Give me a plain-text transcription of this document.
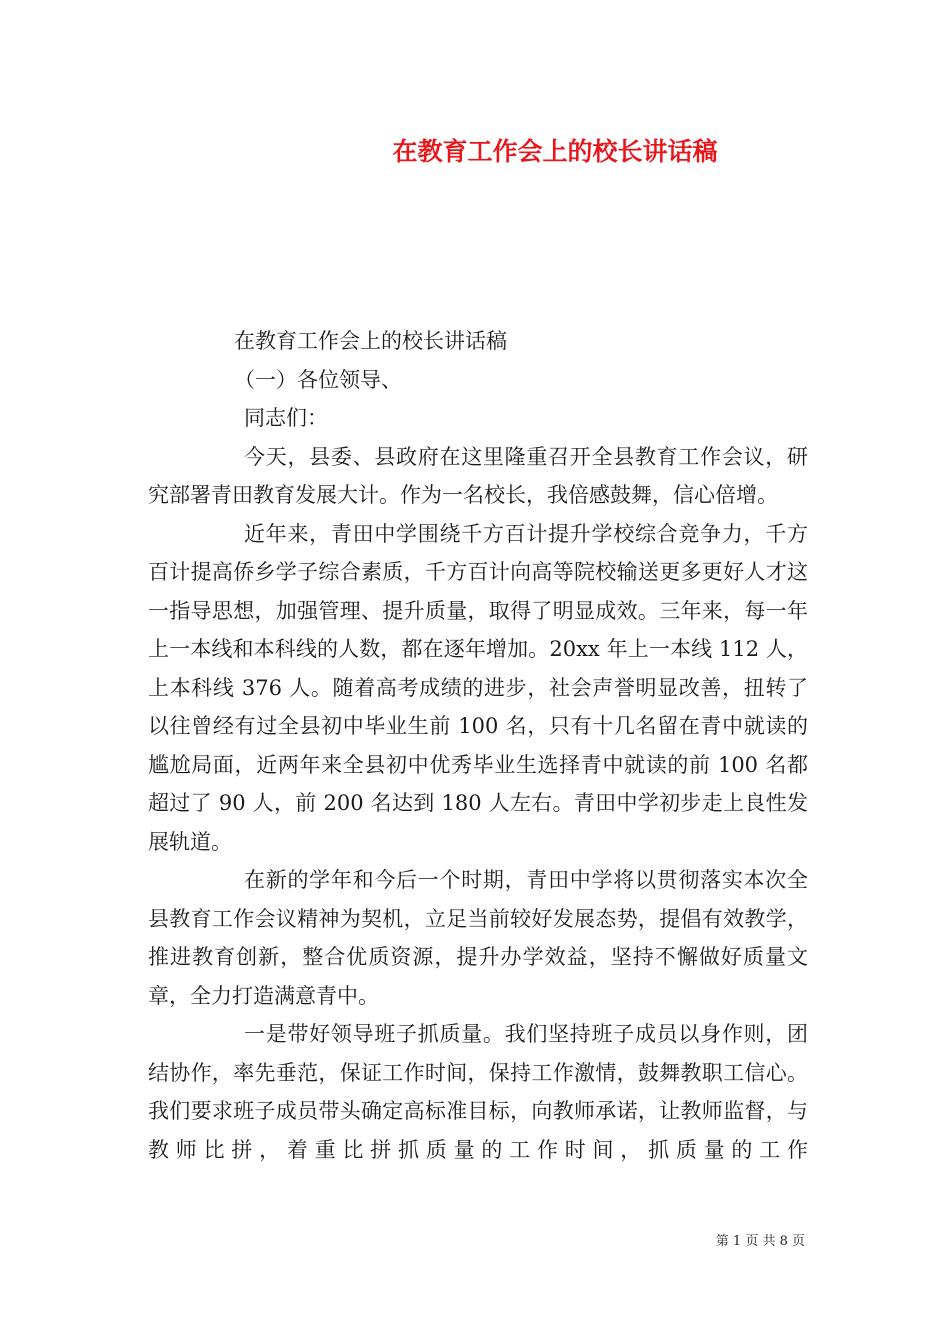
在教育工作会上的校长讲话稿

在教育工作会上的校长讲话稿

（一）各位领导、

同志们：

今天，县委、县政府在这里隆重召开全县教育工作会议，研究部署青田教育发展大计。作为一名校长，我倍感鼓舞，信心倍增。

近年来，青田中学围绕千方百计提升学校综合竞争力，千方百计提高侨乡学子综合素质，千方百计向高等院校输送更多更好人才这一指导思想，加强管理、提升质量，取得了明显成效。三年来，每一年上一本线和本科线的人数，都在逐年增加。20xx 年上一本线 112 人，上本科线 376 人。随着高考成绩的进步，社会声誉明显改善，扭转了以往曾经有过全县初中毕业生前 100 名，只有十几名留在青中就读的尴尬局面，近两年来全县初中优秀毕业生选择青中就读的前 100 名都超过了 90 人，前 200 名达到 180 人左右。青田中学初步走上良性发展轨道。

在新的学年和今后一个时期，青田中学将以贯彻落实本次全县教育工作会议精神为契机，立足当前较好发展态势，提倡有效教学，推进教育创新，整合优质资源，提升办学效益，坚持不懈做好质量文章，全力打造满意青中。

一是带好领导班子抓质量。我们坚持班子成员以身作则，团结协作，率先垂范，保证工作时间，保持工作激情，鼓舞教职工信心。我们要求班子成员带头确定高标准目标，向教师承诺，让教师监督，与教师比拼，着重比拼抓质量的工作时间，抓质量的工作

第 1 页 共 8 页
